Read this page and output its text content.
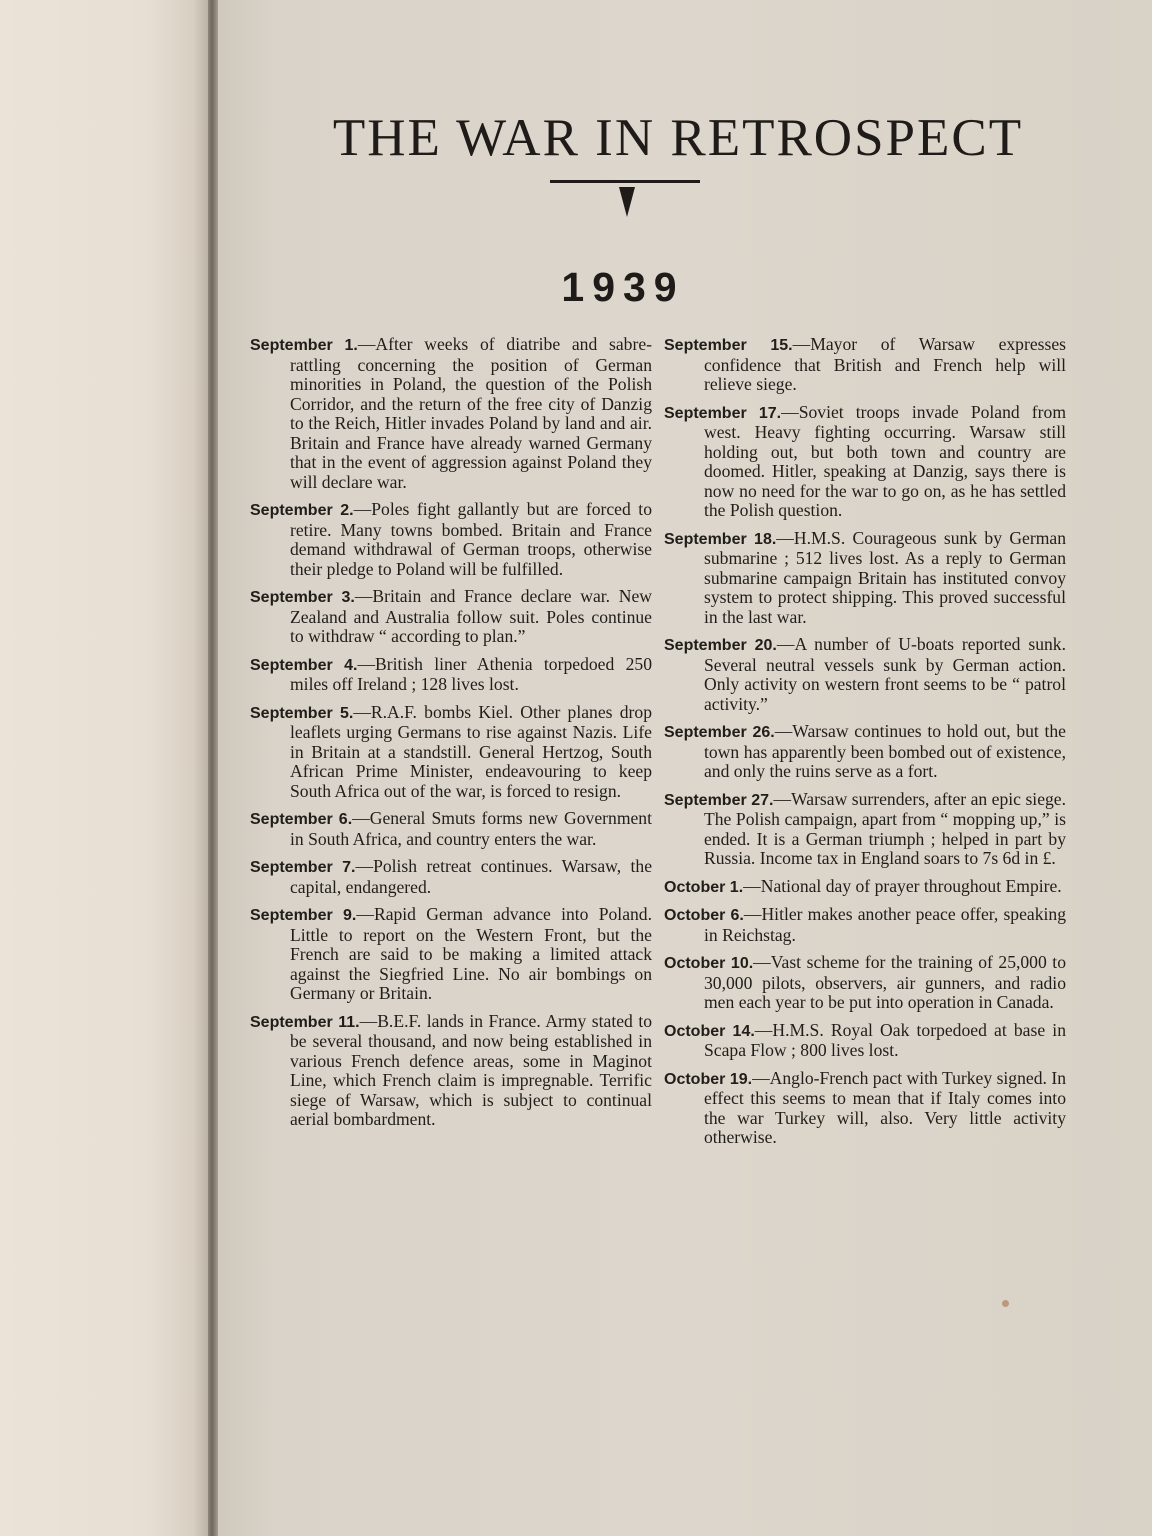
THE WAR IN RETROSPECT
1939

September 1.—After weeks of diatribe and sabre-rattling concerning the position of German minorities in Poland, the question of the Polish Corridor, and the return of the free city of Danzig to the Reich, Hitler invades Poland by land and air. Britain and France have already warned Germany that in the event of aggression against Poland they will declare war.

September 2.—Poles fight gallantly but are forced to retire. Many towns bombed. Britain and France demand withdrawal of German troops, otherwise their pledge to Poland will be fulfilled.

September 3.—Britain and France declare war. New Zealand and Australia follow suit. Poles continue to withdraw “ according to plan.”

September 4.—British liner Athenia torpedoed 250 miles off Ireland ; 128 lives lost.

September 5.—R.A.F. bombs Kiel. Other planes drop leaflets urging Germans to rise against Nazis. Life in Britain at a standstill. General Hertzog, South African Prime Minister, endeavouring to keep South Africa out of the war, is forced to resign.

September 6.—General Smuts forms new Government in South Africa, and country enters the war.

September 7.—Polish retreat continues. Warsaw, the capital, endangered.

September 9.—Rapid German advance into Poland. Little to report on the Western Front, but the French are said to be making a limited attack against the Siegfried Line. No air bombings on Germany or Britain.

September 11.—B.E.F. lands in France. Army stated to be several thousand, and now being established in various French defence areas, some in Maginot Line, which French claim is impregnable. Terrific siege of Warsaw, which is subject to continual aerial bombardment.

September 15.—Mayor of Warsaw expresses confidence that British and French help will relieve siege.

September 17.—Soviet troops invade Poland from west. Heavy fighting occurring. Warsaw still holding out, but both town and country are doomed. Hitler, speaking at Danzig, says there is now no need for the war to go on, as he has settled the Polish question.

September 18.—H.M.S. Courageous sunk by German submarine ; 512 lives lost. As a reply to German submarine campaign Britain has instituted convoy system to protect shipping. This proved successful in the last war.

September 20.—A number of U-boats reported sunk. Several neutral vessels sunk by German action. Only activity on western front seems to be “ patrol activity.”

September 26.—Warsaw continues to hold out, but the town has apparently been bombed out of existence, and only the ruins serve as a fort.

September 27.—Warsaw surrenders, after an epic siege. The Polish campaign, apart from “ mopping up,” is ended. It is a German triumph ; helped in part by Russia. Income tax in England soars to 7s 6d in £.

October 1.—National day of prayer throughout Empire.

October 6.—Hitler makes another peace offer, speaking in Reichstag.

October 10.—Vast scheme for the training of 25,000 to 30,000 pilots, observers, air gunners, and radio men each year to be put into operation in Canada.

October 14.—H.M.S. Royal Oak torpedoed at base in Scapa Flow ; 800 lives lost.

October 19.—Anglo-French pact with Turkey signed. In effect this seems to mean that if Italy comes into the war Turkey will, also. Very little activity otherwise.
